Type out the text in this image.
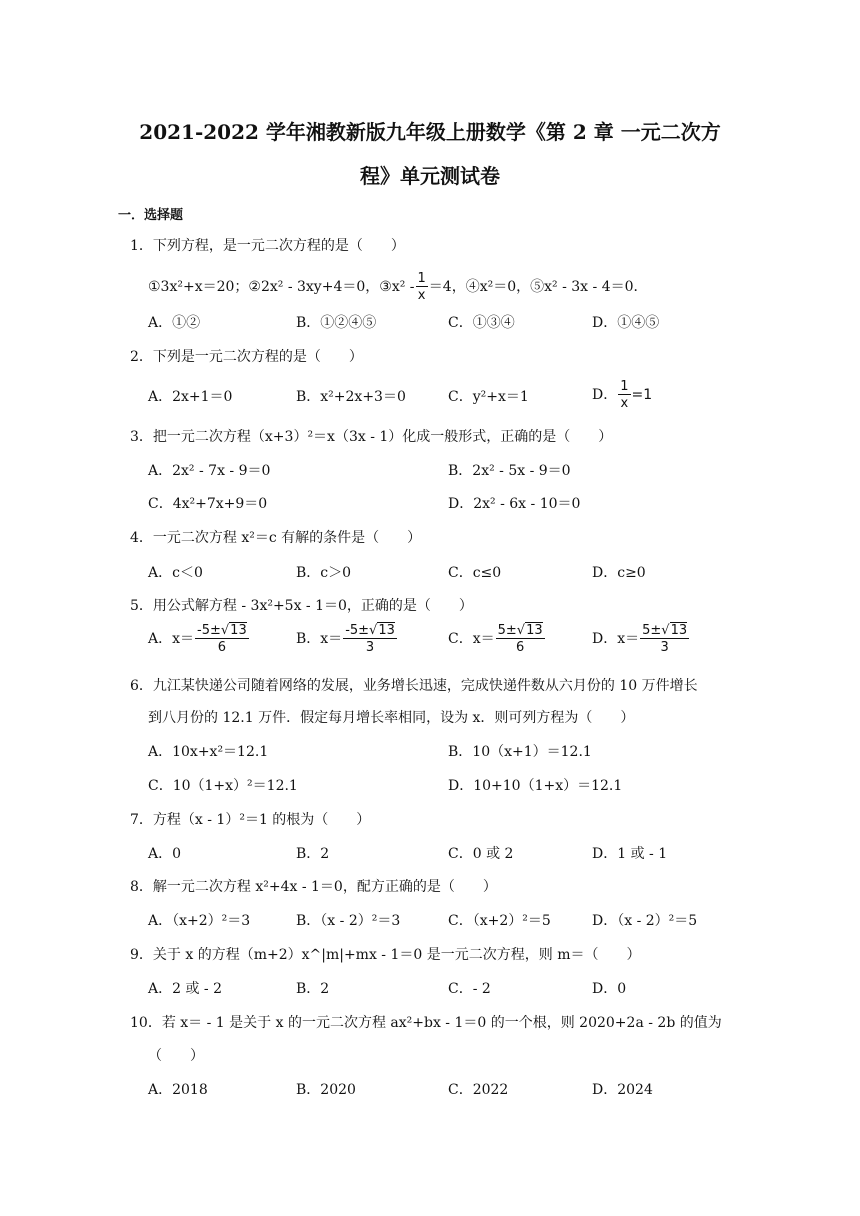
2021-2022 学年湘教新版九年级上册数学《第 2 章 一元二次方
程》单元测试卷
一．选择题
1．下列方程，是一元二次方程的是（　　）
①3x²+x＝20；②2x² - 3xy+4＝0，③x² - $\frac{1}{x} =4$，④x²＝0，⑤x² - 3x - 4＝0．
A．①②	B．①②④⑤	C．①③④	D．①④⑤
2．下列是一元二次方程的是（　　）
A．2x+1＝0	B．x²+2x+3＝0	C．y²+x＝1	D． $\frac{1}{x} =1$
3．把一元二次方程（x+3）²＝x（3x - 1）化成一般形式，正确的是（　　）
A．2x² - 7x - 9＝0	B．2x² - 5x - 9＝0
C．4x²+7x+9＝0	D．2x² - 6x - 10＝0
4．一元二次方程 x²＝c 有解的条件是（　　）
A．c＜0	B．c＞0	C．c≤0	D．c≥0
5．用公式解方程 - 3x²+5x - 1＝0，正确的是（　　）
A．$x= \frac{-5\pm√13}{6}$	B．$x= \frac{-5\pm√13}{3}$	C．$x= \frac{5\pm√13}{6}$	D．$x= \frac{5\pm√13}{3}$
6．九江某快递公司随着网络的发展，业务增长迅速，完成快递件数从六月份的 10 万件增长
到八月份的 12.1 万件．假定每月增长率相同，设为 x．则可列方程为（　　）
A．10x+x²＝12.1	B．10（x+1）＝12.1
C．10（1+x）²＝12.1	D．10+10（1+x）＝12.1
7．方程（x - 1）²＝1 的根为（　　）
A．0	B．2	C．0 或 2	D．1 或 - 1
8．解一元二次方程 x²+4x - 1＝0，配方正确的是（　　）
A．（x+2）²＝3	B．（x - 2）²＝3	C．（x+2）²＝5	D．（x - 2）²＝5
9．关于 x 的方程（m+2）x^|m|+mx - 1＝0 是一元二次方程，则 m＝（　　）
A．2 或 - 2	B．2	C．- 2	D．0
10．若 x＝ - 1 是关于 x 的一元二次方程 ax²+bx - 1＝0 的一个根，则 2020+2a - 2b 的值为
（　　）
A．2018	B．2020	C．2022	D．2024
